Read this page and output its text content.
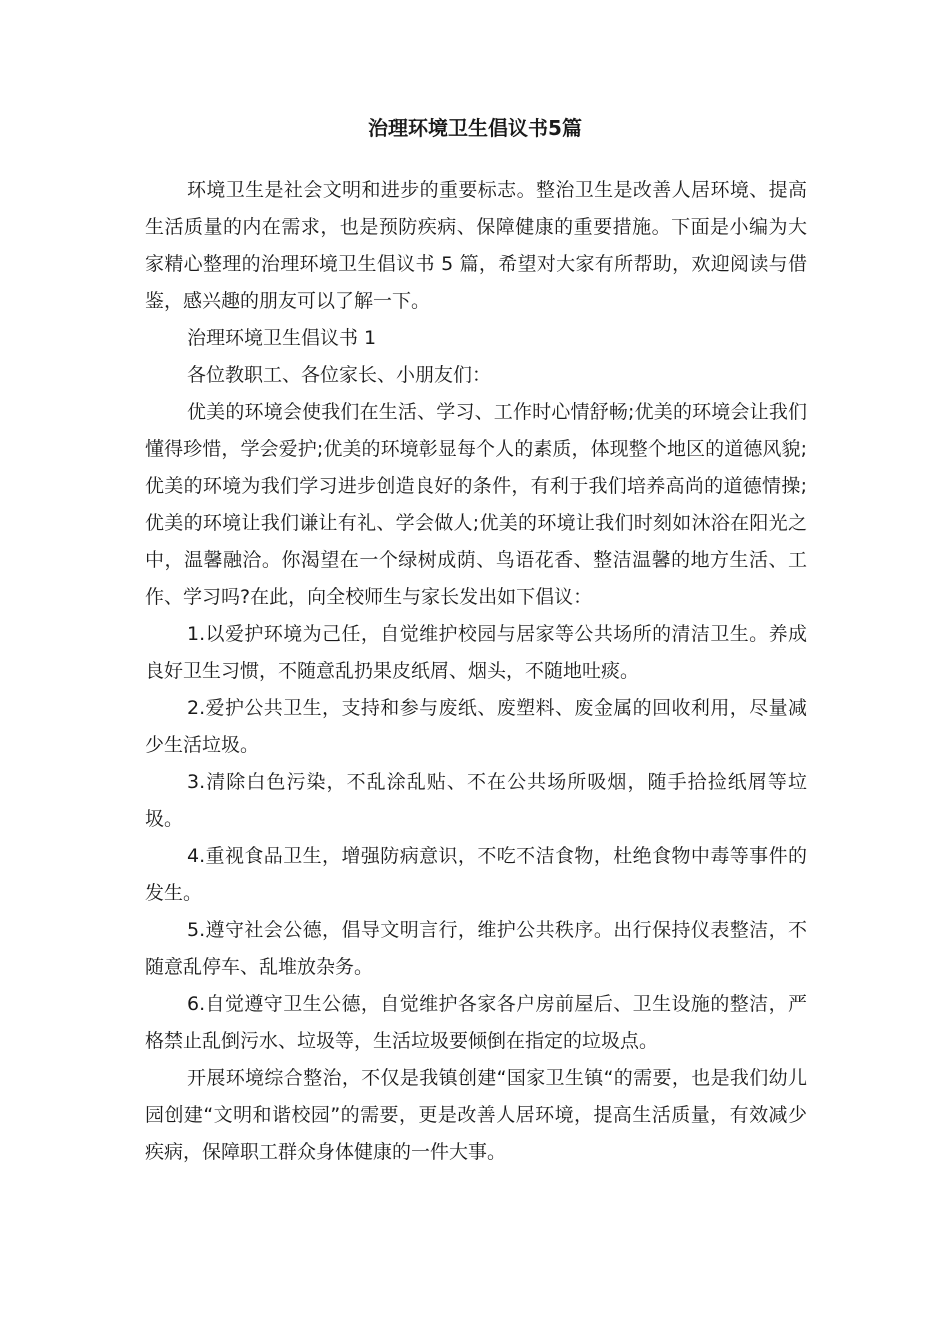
治理环境卫生倡议书5篇

环境卫生是社会文明和进步的重要标志。整治卫生是改善人居环境、提高生活质量的内在需求，也是预防疾病、保障健康的重要措施。下面是小编为大家精心整理的治理环境卫生倡议书 5 篇，希望对大家有所帮助，欢迎阅读与借鉴，感兴趣的朋友可以了解一下。

治理环境卫生倡议书 1

各位教职工、各位家长、小朋友们：

优美的环境会使我们在生活、学习、工作时心情舒畅;优美的环境会让我们懂得珍惜，学会爱护;优美的环境彰显每个人的素质，体现整个地区的道德风貌;优美的环境为我们学习进步创造良好的条件，有利于我们培养高尚的道德情操;优美的环境让我们谦让有礼、学会做人;优美的环境让我们时刻如沐浴在阳光之中，温馨融洽。你渴望在一个绿树成荫、鸟语花香、整洁温馨的地方生活、工作、学习吗?在此，向全校师生与家长发出如下倡议：

1.以爱护环境为己任，自觉维护校园与居家等公共场所的清洁卫生。养成良好卫生习惯，不随意乱扔果皮纸屑、烟头，不随地吐痰。

2.爱护公共卫生，支持和参与废纸、废塑料、废金属的回收利用，尽量减少生活垃圾。

3.清除白色污染，不乱涂乱贴、不在公共场所吸烟，随手拾捡纸屑等垃圾。

4.重视食品卫生，增强防病意识，不吃不洁食物，杜绝食物中毒等事件的发生。

5.遵守社会公德，倡导文明言行，维护公共秩序。出行保持仪表整洁，不随意乱停车、乱堆放杂务。

6.自觉遵守卫生公德，自觉维护各家各户房前屋后、卫生设施的整洁，严格禁止乱倒污水、垃圾等，生活垃圾要倾倒在指定的垃圾点。

开展环境综合整治，不仅是我镇创建“国家卫生镇“的需要，也是我们幼儿园创建“文明和谐校园”的需要，更是改善人居环境，提高生活质量，有效减少疾病，保障职工群众身体健康的一件大事。
